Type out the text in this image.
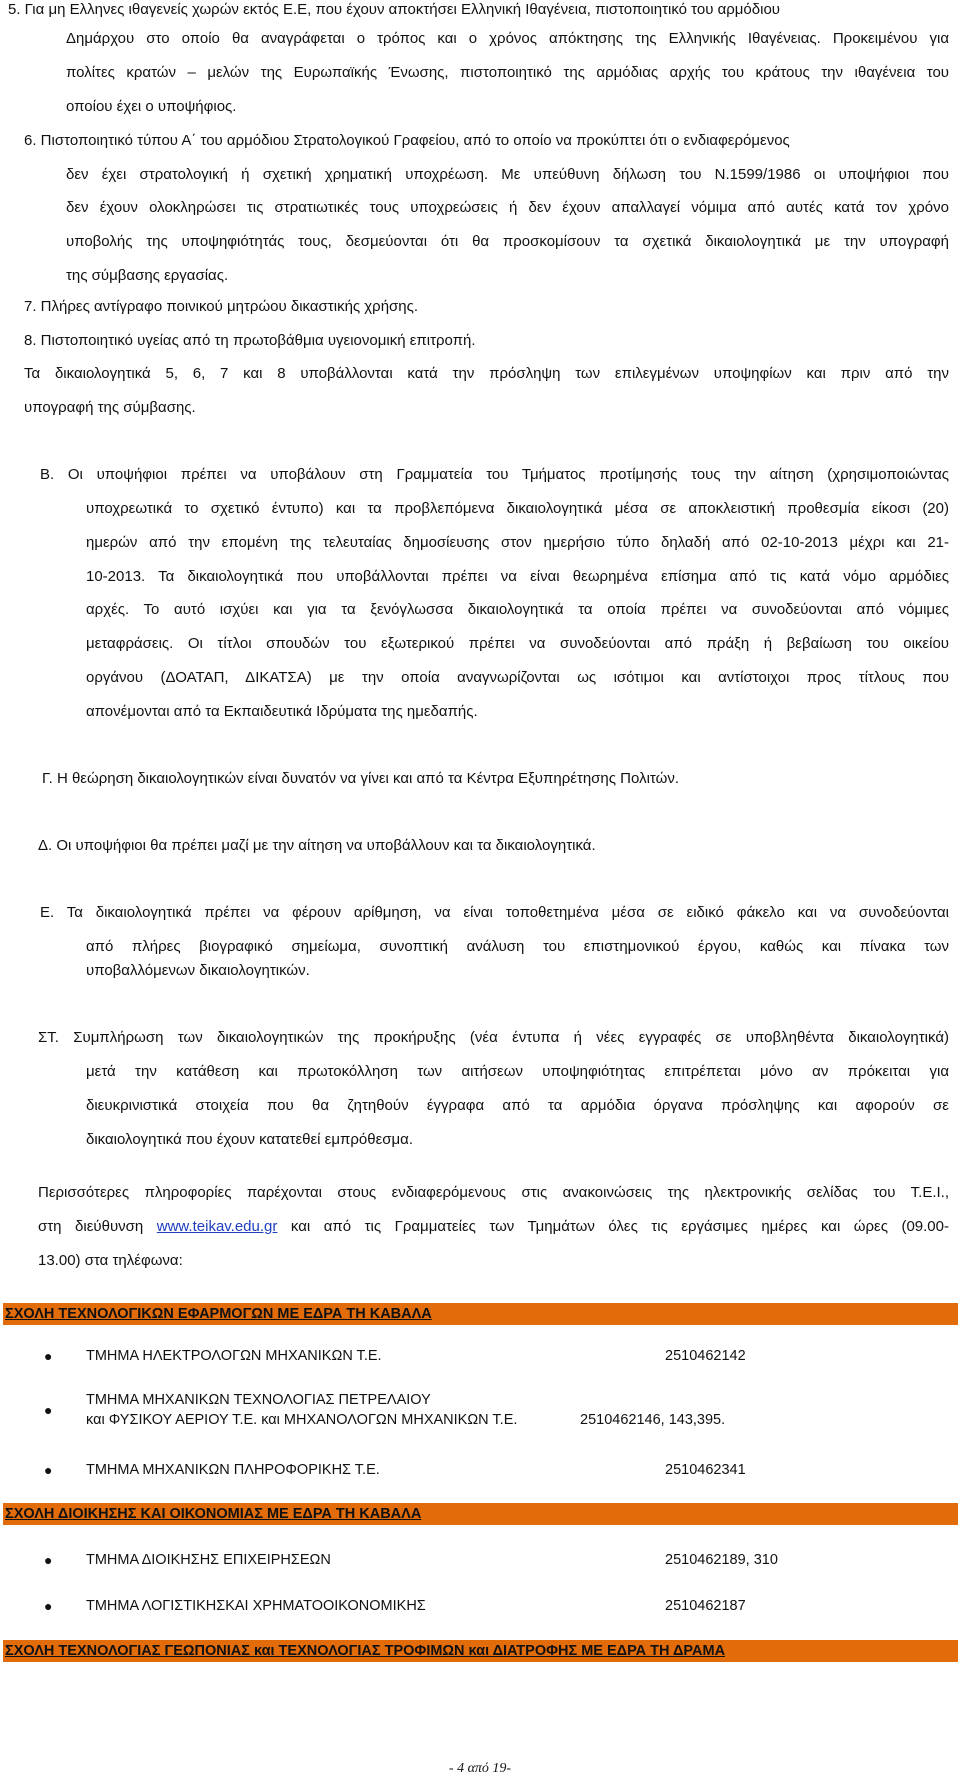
5. Για μη Ελληνες ιθαγενείς χωρών εκτός Ε.Ε, που έχουν αποκτήσει Ελληνική Ιθαγένεια, πιστοποιητικό του αρμόδιου
Δημάρχου στο οποίο θα αναγράφεται ο τρόπος και ο χρόνος απόκτησης της Ελληνικής Ιθαγένειας. Προκειμένου για
πολίτες κρατών – μελών της Ευρωπαϊκής Ένωσης, πιστοποιητικό της αρμόδιας αρχής του κράτους την ιθαγένεια του
οποίου έχει ο υποψήφιος.
6. Πιστοποιητικό τύπου Α΄ του αρμόδιου Στρατολογικού Γραφείου, από το οποίο να προκύπτει ότι ο ενδιαφερόμενος
δεν έχει στρατολογική ή σχετική χρηματική υποχρέωση. Με υπεύθυνη δήλωση του Ν.1599/1986 οι υποψήφιοι που
δεν έχουν ολοκληρώσει τις στρατιωτικές τους υποχρεώσεις ή δεν έχουν απαλλαγεί νόμιμα από αυτές κατά τον χρόνο
υποβολής της υποψηφιότητάς τους, δεσμεύονται ότι θα προσκομίσουν τα σχετικά δικαιολογητικά με την υπογραφή
της σύμβασης εργασίας.
7. Πλήρες αντίγραφο ποινικού μητρώου δικαστικής χρήσης.
8. Πιστοποιητικό υγείας από τη πρωτοβάθμια υγειονομική επιτροπή.
Τα δικαιολογητικά 5, 6, 7 και 8 υποβάλλονται κατά την πρόσληψη των επιλεγμένων υποψηφίων και πριν από την
υπογραφή της σύμβασης.
Β. Οι υποψήφιοι πρέπει να υποβάλουν στη Γραμματεία του Τμήματος προτίμησής τους την αίτηση (χρησιμοποιώντας
υποχρεωτικά το σχετικό έντυπο) και τα προβλεπόμενα δικαιολογητικά μέσα σε αποκλειστική προθεσμία είκοσι (20)
ημερών από την επομένη της τελευταίας δημοσίευσης στον ημερήσιο τύπο δηλαδή από 02-10-2013 μέχρι και 21-
10-2013. Τα δικαιολογητικά που υποβάλλονται πρέπει να είναι θεωρημένα επίσημα από τις κατά νόμο αρμόδιες
αρχές. Το αυτό ισχύει και για τα ξενόγλωσσα δικαιολογητικά τα οποία πρέπει να συνοδεύονται από νόμιμες
μεταφράσεις. Οι τίτλοι σπουδών του εξωτερικού πρέπει να συνοδεύονται από πράξη ή βεβαίωση του οικείου
οργάνου (ΔΟΑΤΑΠ, ΔΙΚΑΤΣΑ) με την οποία αναγνωρίζονται ως ισότιμοι και αντίστοιχοι προς τίτλους που
απονέμονται από τα Εκπαιδευτικά Ιδρύματα της ημεδαπής.
Γ. Η θεώρηση δικαιολογητικών είναι δυνατόν να γίνει και από τα Κέντρα Εξυπηρέτησης Πολιτών.
Δ. Οι υποψήφιοι θα πρέπει μαζί με την αίτηση να υποβάλλουν και τα δικαιολογητικά.
Ε. Τα δικαιολογητικά πρέπει να φέρουν αρίθμηση, να είναι τοποθετημένα μέσα σε ειδικό φάκελο και να συνοδεύονται
από πλήρες βιογραφικό σημείωμα, συνοπτική ανάλυση του επιστημονικού έργου, καθώς και πίνακα των
υποβαλλόμενων δικαιολογητικών.
ΣΤ. Συμπλήρωση των δικαιολογητικών της προκήρυξης (νέα έντυπα ή νέες εγγραφές σε υποβληθέντα δικαιολογητικά)
μετά την κατάθεση και πρωτοκόλληση των αιτήσεων υποψηφιότητας επιτρέπεται μόνο αν πρόκειται για
διευκρινιστικά στοιχεία που θα ζητηθούν έγγραφα από τα αρμόδια όργανα πρόσληψης και αφορούν σε
δικαιολογητικά που έχουν κατατεθεί εμπρόθεσμα.
Περισσότερες πληροφορίες παρέχονται στους ενδιαφερόμενους στις ανακοινώσεις της ηλεκτρονικής σελίδας του Τ.Ε.Ι.,
στη διεύθυνση www.teikav.edu.gr και από τις Γραμματείες των Τμημάτων όλες τις εργάσιμες ημέρες και ώρες (09.00-
13.00) στα τηλέφωνα:
ΣΧΟΛΗ ΤΕΧΝΟΛΟΓΙΚΩΝ ΕΦΑΡΜΟΓΩΝ ΜΕ ΕΔΡΑ ΤΗ ΚΑΒΑΛΑ
● ΤΜΗΜΑ ΗΛΕΚΤΡΟΛΟΓΩΝ ΜΗΧΑΝΙΚΩΝ Τ.Ε.	2510462142
●
ΤΜΗΜΑ ΜΗΧΑΝΙΚΩΝ ΤΕΧΝΟΛΟΓΙΑΣ ΠΕΤΡΕΛΑΙΟΥ
και ΦΥΣΙΚΟΥ ΑΕΡΙΟΥ Τ.Ε. και ΜΗΧΑΝΟΛΟΓΩΝ ΜΗΧΑΝΙΚΩΝ Τ.Ε.	2510462146, 143,395.
● ΤΜΗΜΑ ΜΗΧΑΝΙΚΩΝ ΠΛΗΡΟΦΟΡΙΚΗΣ Τ.Ε.	2510462341
ΣΧΟΛΗ ΔΙΟΙΚΗΣΗΣ ΚΑΙ ΟΙΚΟΝΟΜΙΑΣ ΜΕ ΕΔΡΑ ΤΗ ΚΑΒΑΛΑ
● ΤΜΗΜΑ ΔΙΟΙΚΗΣΗΣ ΕΠΙΧΕΙΡΗΣΕΩΝ	2510462189, 310
● ΤΜΗΜΑ ΛΟΓΙΣΤΙΚΗΣΚΑΙ ΧΡΗΜΑΤΟΟΙΚΟΝΟΜΙΚΗΣ	2510462187
ΣΧΟΛΗ ΤΕΧΝΟΛΟΓΙΑΣ ΓΕΩΠΟΝΙΑΣ και ΤΕΧΝΟΛΟΓΙΑΣ ΤΡΟΦΙΜΩΝ και ΔΙΑΤΡΟΦΗΣ ΜΕ ΕΔΡΑ ΤΗ ΔΡΑΜΑ
- 4 από 19-
